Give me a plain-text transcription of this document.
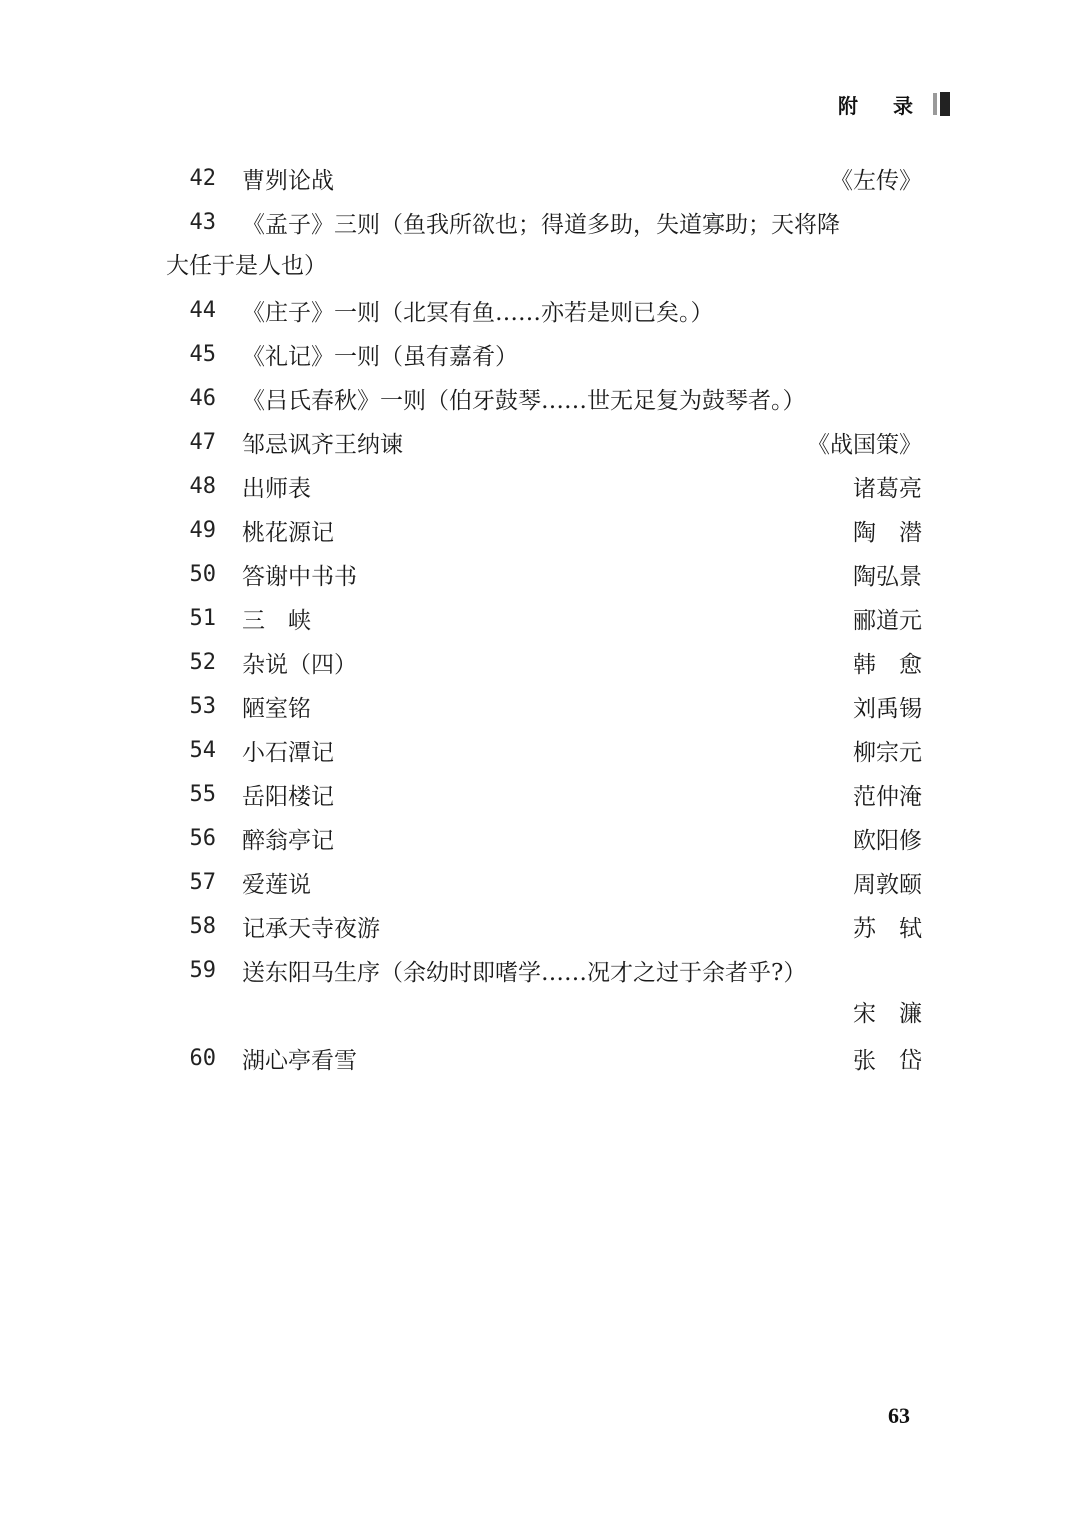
附 录
42 曹刿论战	《左传》
43 《孟子》三则（鱼我所欲也；得道多助，失道寡助；天将降
大任于是人也）
44 《庄子》一则（北冥有鱼……亦若是则已矣。）
45 《礼记》一则（虽有嘉肴）
46 《吕氏春秋》一则（伯牙鼓琴……世无足复为鼓琴者。）
47 邹忌讽齐王纳谏	《战国策》
48 出师表	诸葛亮
49 桃花源记	陶　潜
50 答谢中书书	陶弘景
51 三　峡	郦道元
52 杂说（四）	韩　愈
53 陋室铭	刘禹锡
54 小石潭记	柳宗元
55 岳阳楼记	范仲淹
56 醉翁亭记	欧阳修
57 爱莲说	周敦颐
58 记承天寺夜游	苏　轼
59 送东阳马生序（余幼时即嗜学……况才之过于余者乎?）
宋　濂
60 湖心亭看雪	张　岱
63
